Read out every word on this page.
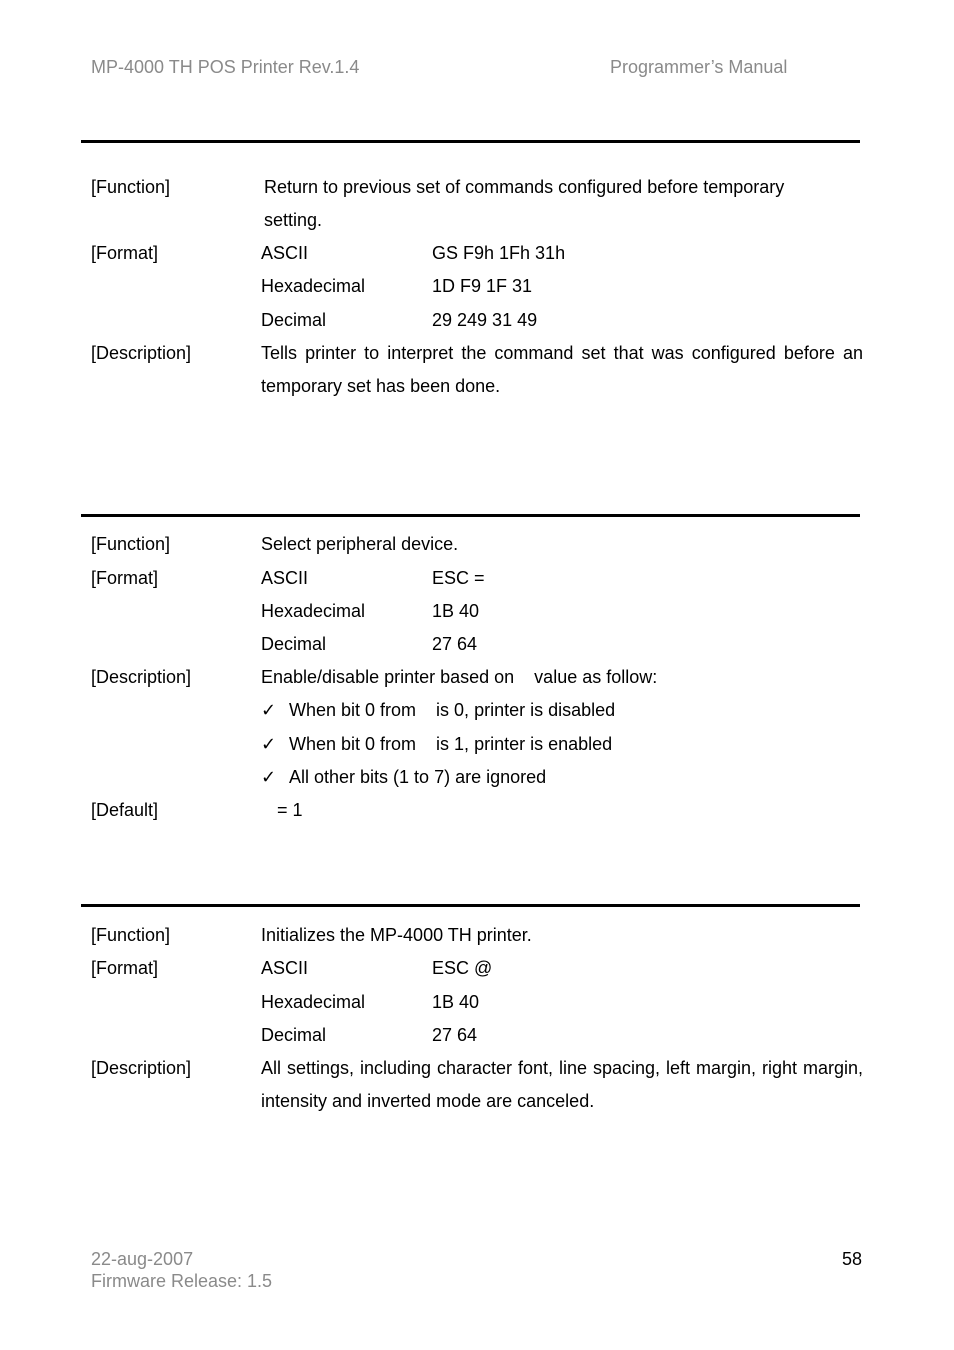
MP-4000 TH POS Printer Rev.1.4	Programmer’s Manual
[Function]	Return to previous set of commands configured before temporary setting.
[Format]	ASCII	GS F9h 1Fh 31h
Hexadecimal	1D F9 1F 31
Decimal	29 249 31 49
[Description]	Tells printer to interpret the command set that was configured before an temporary set has been done.
[Function]	Select peripheral device.
[Format]	ASCII	ESC =
Hexadecimal	1B 40
Decimal	27 64
[Description]	Enable/disable printer based on    value as follow:
✓ When bit 0 from    is 0, printer is disabled
✓ When bit 0 from    is 1, printer is enabled
✓ All other bits (1 to 7) are ignored
[Default]	= 1
[Function]	Initializes the MP-4000 TH printer.
[Format]	ASCII	ESC @
Hexadecimal	1B 40
Decimal	27 64
[Description]	All settings, including character font, line spacing, left margin, right margin, intensity and inverted mode are canceled.
22-aug-2007
Firmware Release: 1.5
58
